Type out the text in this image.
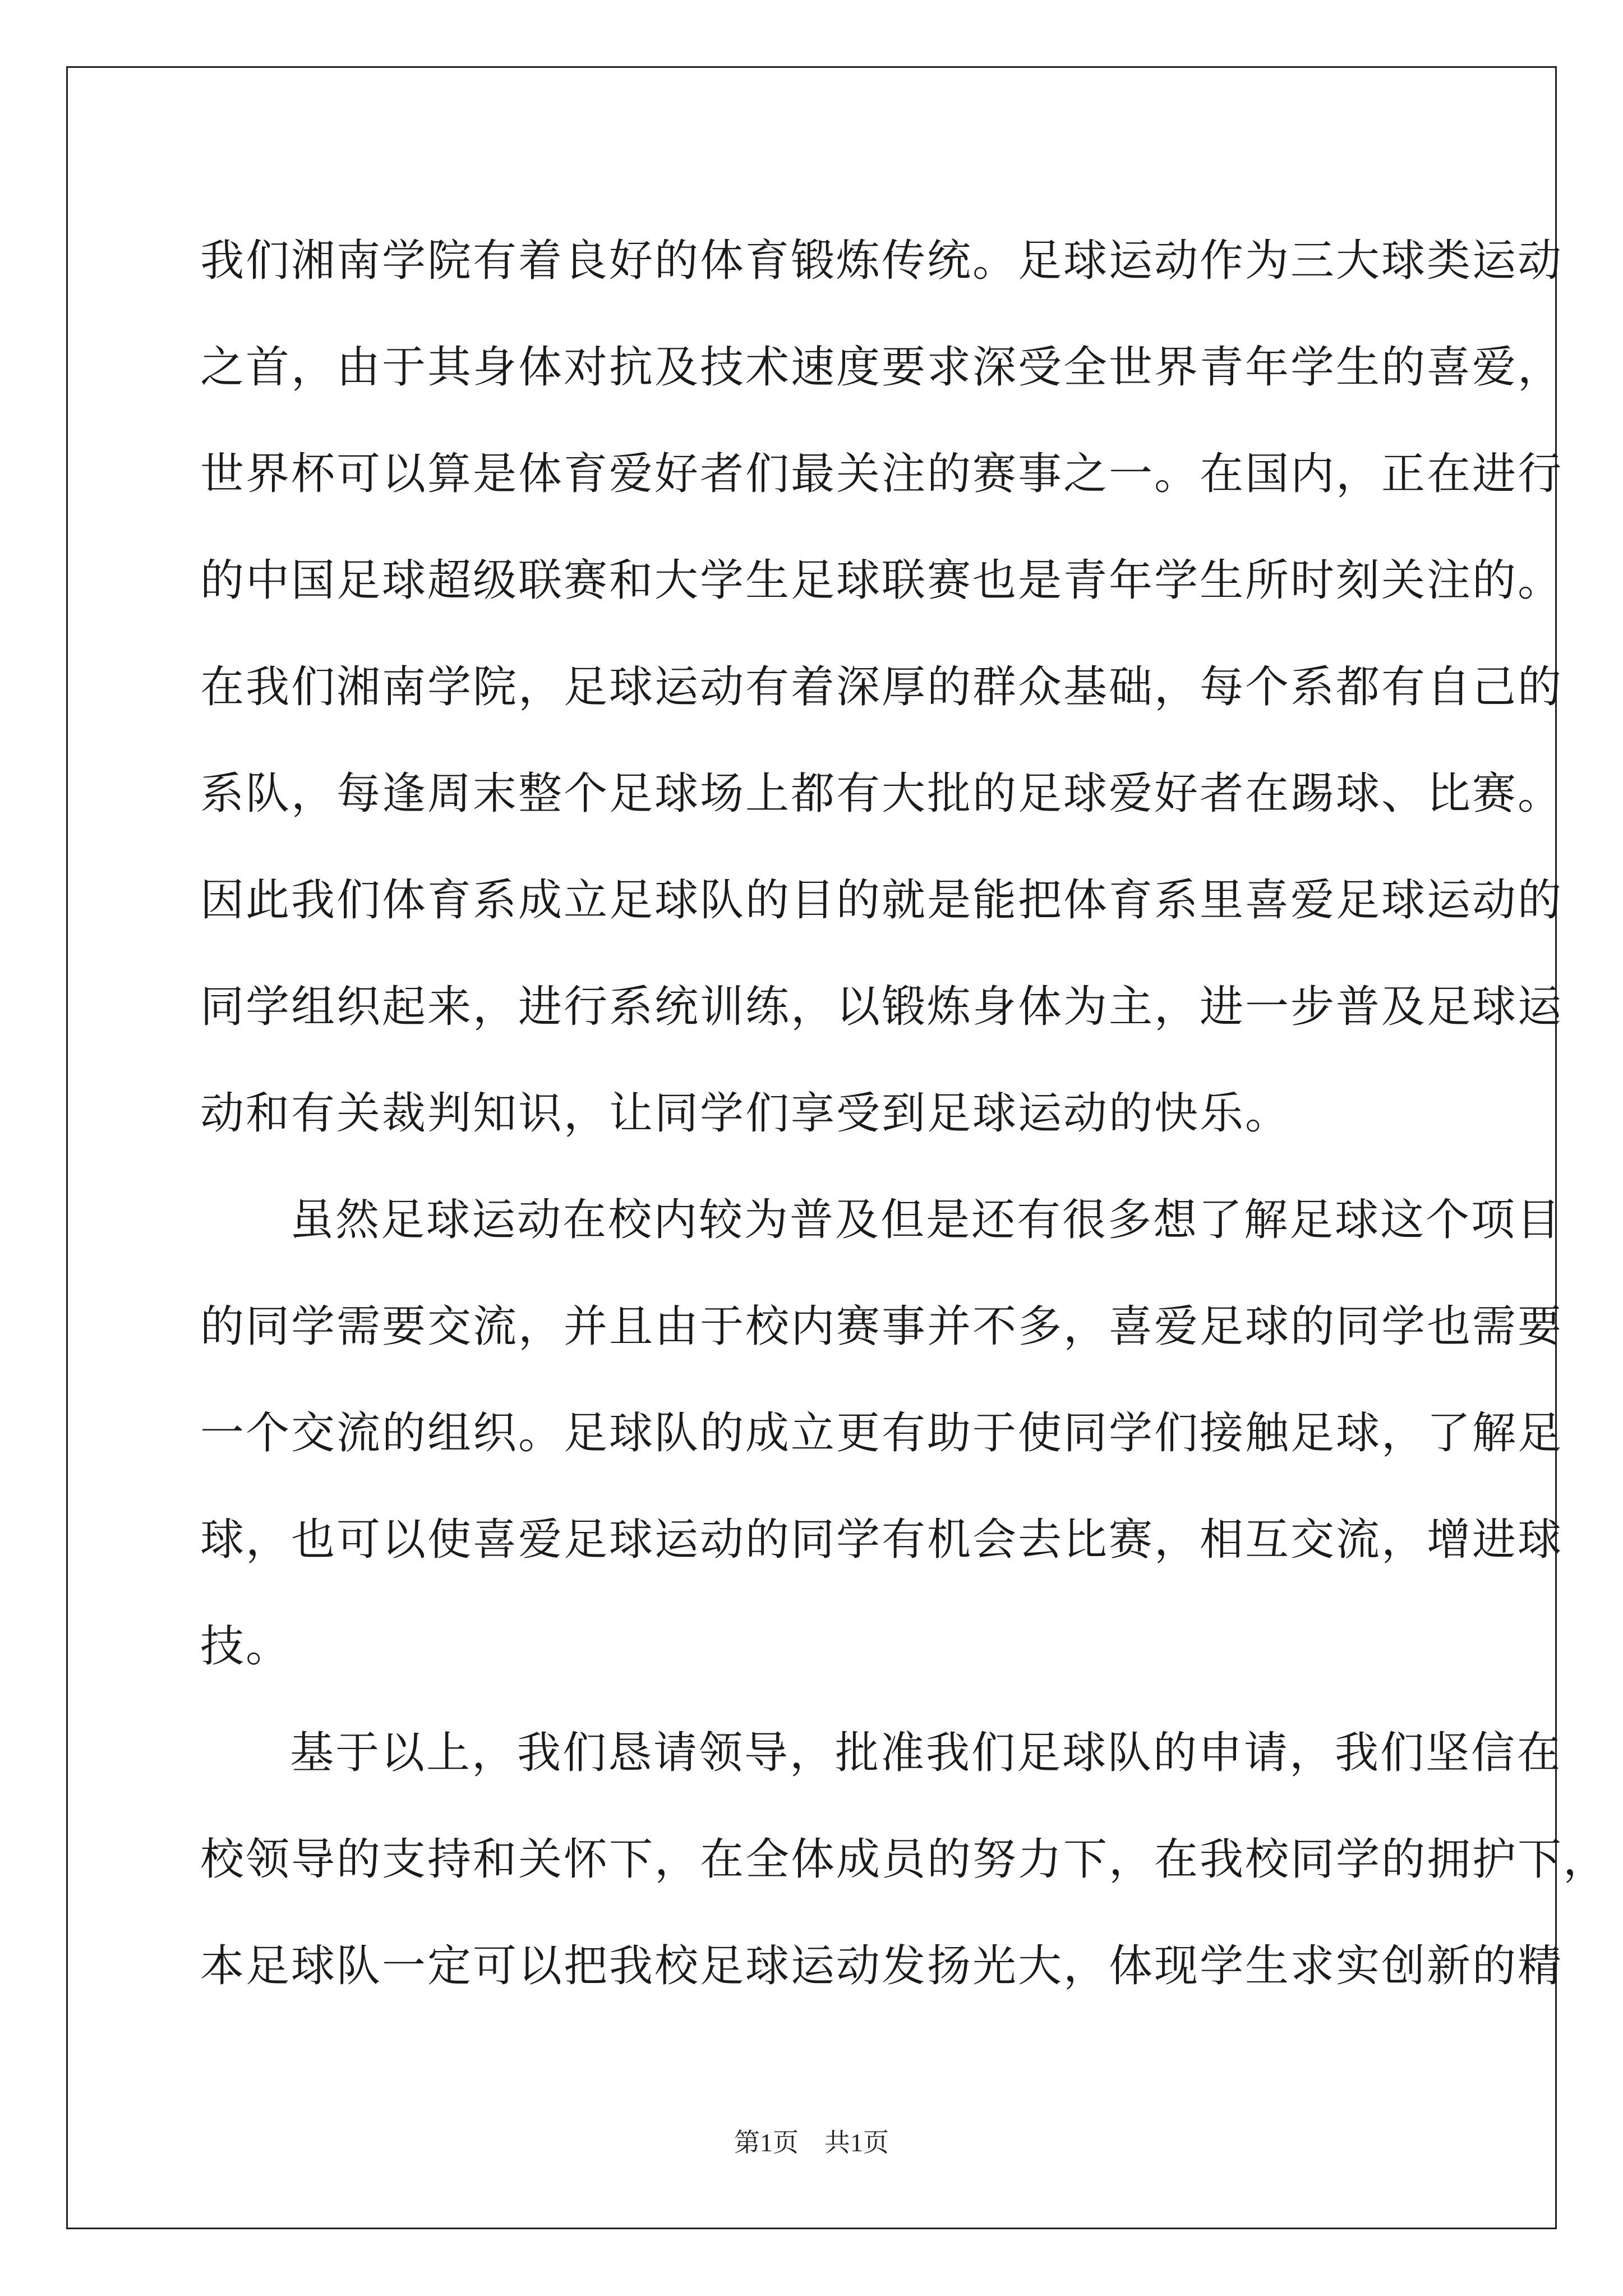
我们湘南学院有着良好的体育锻炼传统。足球运动作为三大球类运动
之首，由于其身体对抗及技术速度要求深受全世界青年学生的喜爱，
世界杯可以算是体育爱好者们最关注的赛事之一。在国内，正在进行
的中国足球超级联赛和大学生足球联赛也是青年学生所时刻关注的。
在我们湘南学院，足球运动有着深厚的群众基础，每个系都有自己的
系队，每逢周末整个足球场上都有大批的足球爱好者在踢球、比赛。
因此我们体育系成立足球队的目的就是能把体育系里喜爱足球运动的
同学组织起来，进行系统训练，以锻炼身体为主，进一步普及足球运
动和有关裁判知识，让同学们享受到足球运动的快乐。
虽然足球运动在校内较为普及但是还有很多想了解足球这个项目
的同学需要交流，并且由于校内赛事并不多，喜爱足球的同学也需要
一个交流的组织。足球队的成立更有助于使同学们接触足球，了解足
球，也可以使喜爱足球运动的同学有机会去比赛，相互交流，增进球
技。
基于以上，我们恳请领导，批准我们足球队的申请，我们坚信在
校领导的支持和关怀下，在全体成员的努力下，在我校同学的拥护下，
本足球队一定可以把我校足球运动发扬光大，体现学生求实创新的精
第1页　共1页
